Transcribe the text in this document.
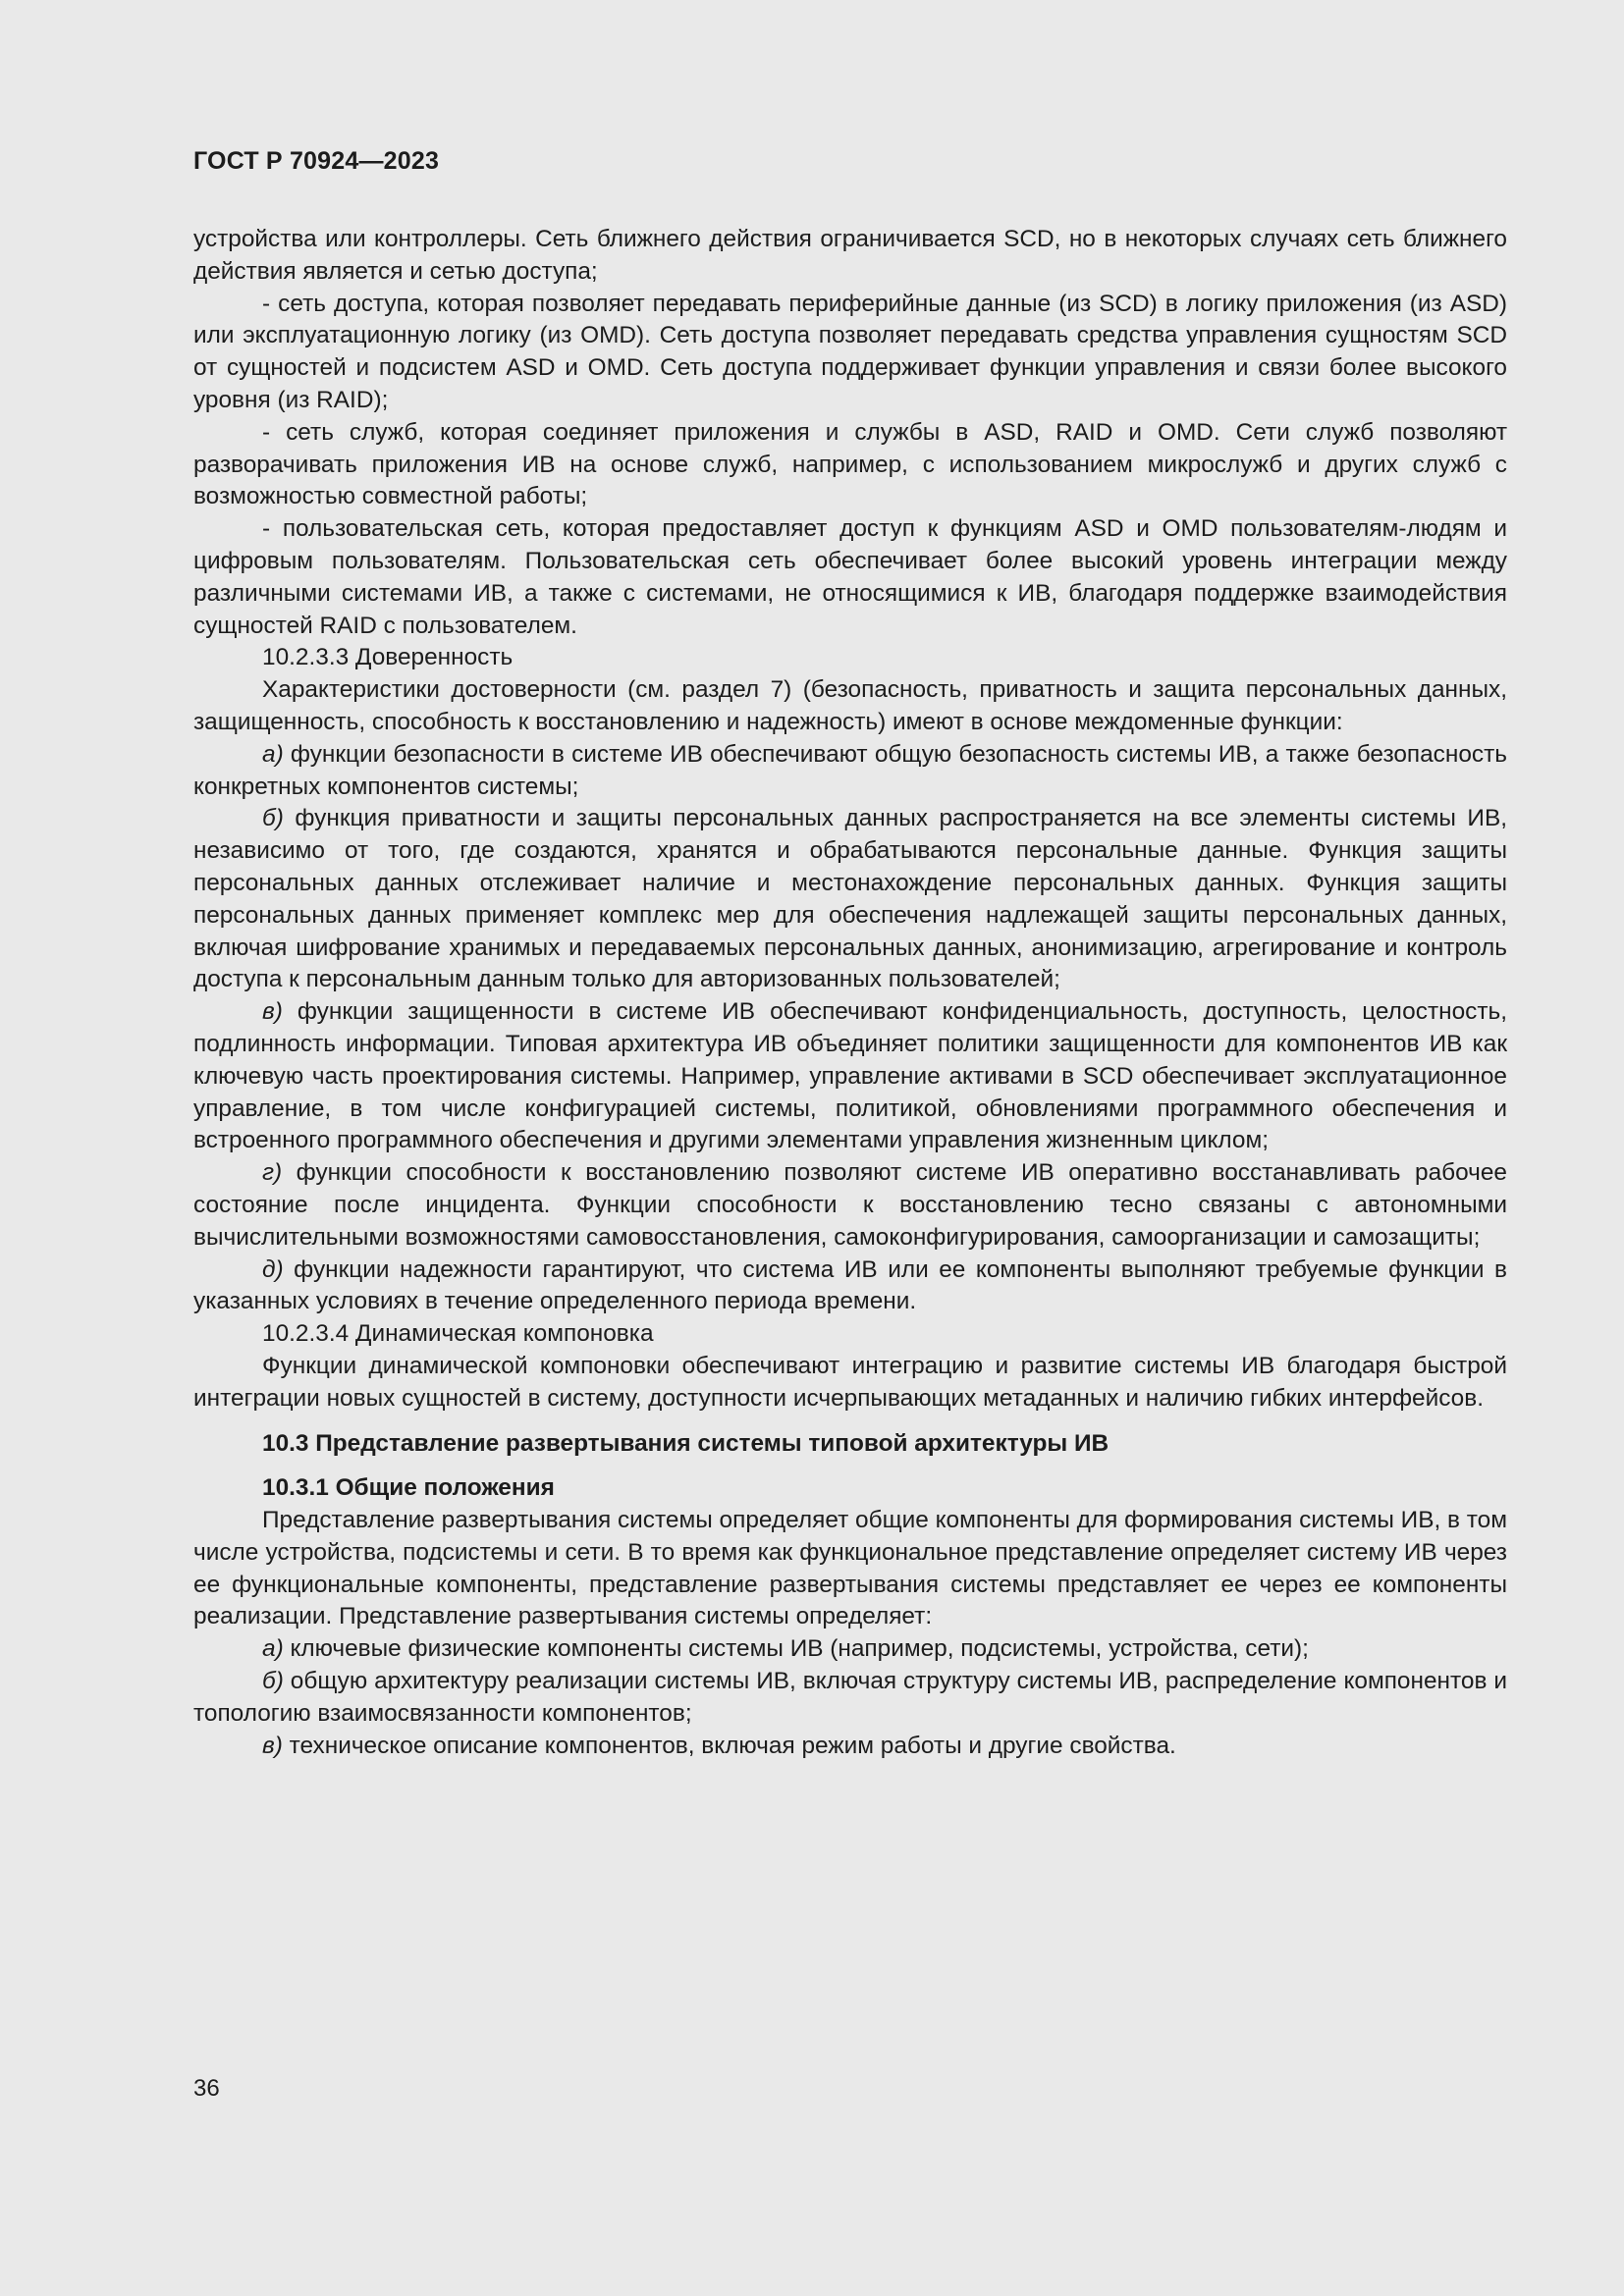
ГОСТ Р 70924—2023

устройства или контроллеры. Сеть ближнего действия ограничивается SCD, но в некоторых случаях сеть ближнего действия является и сетью доступа;

- сеть доступа, которая позволяет передавать периферийные данные (из SCD) в логику приложения (из ASD) или эксплуатационную логику (из OMD). Сеть доступа позволяет передавать средства управления сущностям SCD от сущностей и подсистем ASD и OMD. Сеть доступа поддерживает функции управления и связи более высокого уровня (из RAID);

- сеть служб, которая соединяет приложения и службы в ASD, RAID и OMD. Сети служб позволяют разворачивать приложения ИВ на основе служб, например, с использованием микрослужб и других служб с возможностью совместной работы;

- пользовательская сеть, которая предоставляет доступ к функциям ASD и OMD пользователям-людям и цифровым пользователям. Пользовательская сеть обеспечивает более высокий уровень интеграции между различными системами ИВ, а также с системами, не относящимися к ИВ, благодаря поддержке взаимодействия сущностей RAID с пользователем.

10.2.3.3 Доверенность

Характеристики достоверности (см. раздел 7) (безопасность, приватность и защита персональных данных, защищенность, способность к восстановлению и надежность) имеют в основе междоменные функции:

а) функции безопасности в системе ИВ обеспечивают общую безопасность системы ИВ, а также безопасность конкретных компонентов системы;

б) функция приватности и защиты персональных данных распространяется на все элементы системы ИВ, независимо от того, где создаются, хранятся и обрабатываются персональные данные. Функция защиты персональных данных отслеживает наличие и местонахождение персональных данных. Функция защиты персональных данных применяет комплекс мер для обеспечения надлежащей защиты персональных данных, включая шифрование хранимых и передаваемых персональных данных, анонимизацию, агрегирование и контроль доступа к персональным данным только для авторизованных пользователей;

в) функции защищенности в системе ИВ обеспечивают конфиденциальность, доступность, целостность, подлинность информации. Типовая архитектура ИВ объединяет политики защищенности для компонентов ИВ как ключевую часть проектирования системы. Например, управление активами в SCD обеспечивает эксплуатационное управление, в том числе конфигурацией системы, политикой, обновлениями программного обеспечения и встроенного программного обеспечения и другими элементами управления жизненным циклом;

г) функции способности к восстановлению позволяют системе ИВ оперативно восстанавливать рабочее состояние после инцидента. Функции способности к восстановлению тесно связаны с автономными вычислительными возможностями самовосстановления, самоконфигурирования, самоорганизации и самозащиты;

д) функции надежности гарантируют, что система ИВ или ее компоненты выполняют требуемые функции в указанных условиях в течение определенного периода времени.

10.2.3.4 Динамическая компоновка

Функции динамической компоновки обеспечивают интеграцию и развитие системы ИВ благодаря быстрой интеграции новых сущностей в систему, доступности исчерпывающих метаданных и наличию гибких интерфейсов.

10.3 Представление развертывания системы типовой архитектуры ИВ

10.3.1 Общие положения

Представление развертывания системы определяет общие компоненты для формирования системы ИВ, в том числе устройства, подсистемы и сети. В то время как функциональное представление определяет систему ИВ через ее функциональные компоненты, представление развертывания системы представляет ее через ее компоненты реализации. Представление развертывания системы определяет:

а) ключевые физические компоненты системы ИВ (например, подсистемы, устройства, сети);

б) общую архитектуру реализации системы ИВ, включая структуру системы ИВ, распределение компонентов и топологию взаимосвязанности компонентов;

в) техническое описание компонентов, включая режим работы и другие свойства.

36
